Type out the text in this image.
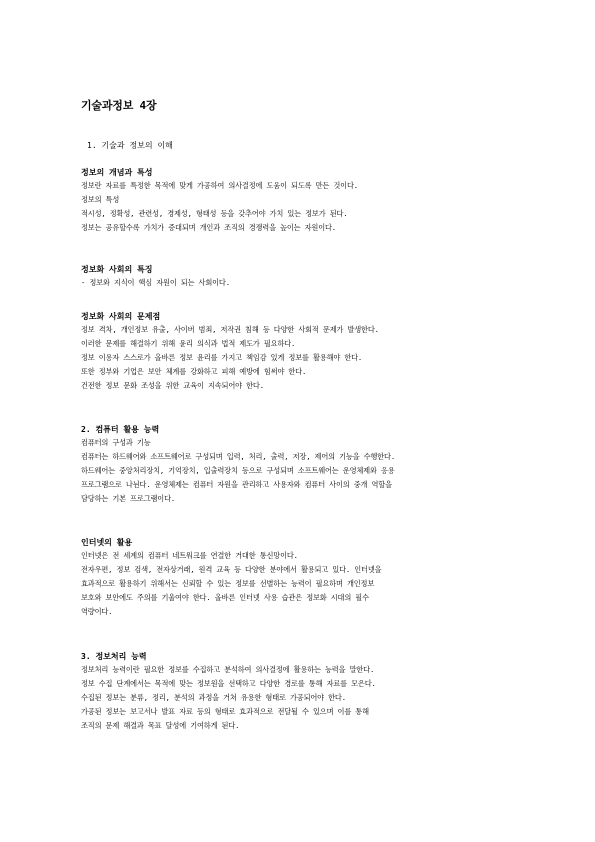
기술과정보 4장
1. 기술과 정보의 이해

정보의 개념과 특성

정보란 자료를 특정한 목적에 맞게 가공하여 의사결정에 도움이 되도록 만든 것이다.

정보의 특성

적시성, 정확성, 관련성, 경제성, 형태성 등을 갖추어야 가치 있는 정보가 된다.

정보는 공유할수록 가치가 증대되며 개인과 조직의 경쟁력을 높이는 자원이다.

정보화 사회의 특징

- 정보와 지식이 핵심 자원이 되는 사회이다.

정보화 사회의 문제점

정보 격차, 개인정보 유출, 사이버 범죄, 저작권 침해 등 다양한 사회적 문제가 발생한다.

이러한 문제를 해결하기 위해 윤리 의식과 법적 제도가 필요하다.

정보 이용자 스스로가 올바른 정보 윤리를 가지고 책임감 있게 정보를 활용해야 한다.

또한 정부와 기업은 보안 체계를 강화하고 피해 예방에 힘써야 한다.

건전한 정보 문화 조성을 위한 교육이 지속되어야 한다.

2. 컴퓨터 활용 능력

컴퓨터의 구성과 기능

컴퓨터는 하드웨어와 소프트웨어로 구성되며 입력, 처리, 출력, 저장, 제어의 기능을 수행한다.

하드웨어는 중앙처리장치, 기억장치, 입출력장치 등으로 구성되며 소프트웨어는 운영체제와 응용

프로그램으로 나뉜다. 운영체제는 컴퓨터 자원을 관리하고 사용자와 컴퓨터 사이의 중개 역할을

담당하는 기본 프로그램이다.

인터넷의 활용

인터넷은 전 세계의 컴퓨터 네트워크를 연결한 거대한 통신망이다.

전자우편, 정보 검색, 전자상거래, 원격 교육 등 다양한 분야에서 활용되고 있다. 인터넷을

효과적으로 활용하기 위해서는 신뢰할 수 있는 정보를 선별하는 능력이 필요하며 개인정보

보호와 보안에도 주의를 기울여야 한다. 올바른 인터넷 사용 습관은 정보화 시대의 필수

역량이다.

3. 정보처리 능력

정보처리 능력이란 필요한 정보를 수집하고 분석하여 의사결정에 활용하는 능력을 말한다.

정보 수집 단계에서는 목적에 맞는 정보원을 선택하고 다양한 경로를 통해 자료를 모은다.

수집된 정보는 분류, 정리, 분석의 과정을 거쳐 유용한 형태로 가공되어야 한다.

가공된 정보는 보고서나 발표 자료 등의 형태로 효과적으로 전달될 수 있으며 이를 통해

조직의 문제 해결과 목표 달성에 기여하게 된다.
